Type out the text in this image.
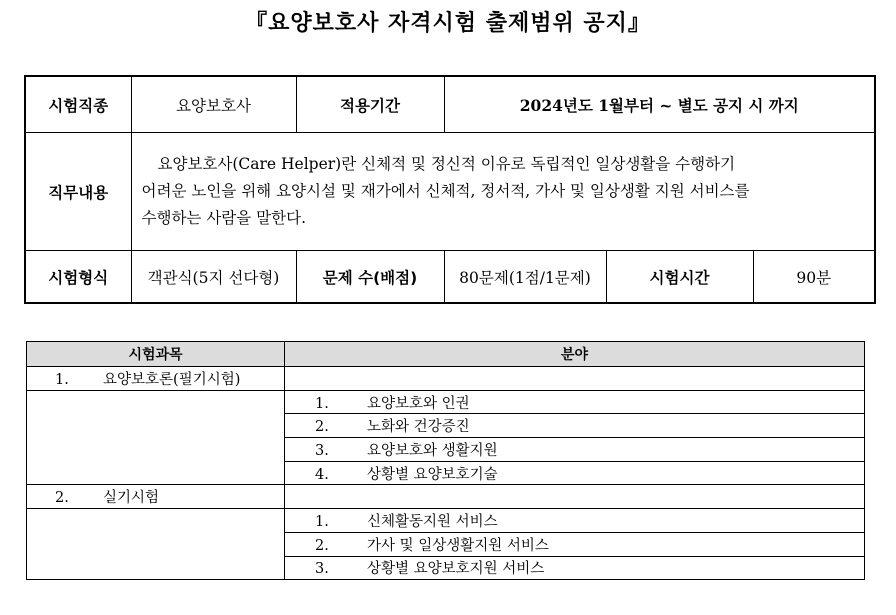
『요양보호사 자격시험 출제범위 공지』
시험직종	요양보호사	적용기간	2024년도 1월부터 ~ 별도 공지 시 까지		
직무내용	요양보호사(Care Helper)란 신체적 및 정신적 이유로 독립적인 일상생활을 수행하기
어려운 노인을 위해 요양시설 및 재가에서 신체적, 정서적, 가사 및 일상생활 지원 서비스를
수행하는 사람을 말한다.				

시험형식	객관식(5지 선다형)	문제 수(배점)	80문제(1점/1문제)	시험시간	90분
시험과목	분야
1. 요양보호론(필기시험)	
	1. 요양보호와 인권
	2. 노화와 건강증진
	3. 요양보호와 생활지원
	4. 상황별 요양보호기술
2. 실기시험	
	1. 신체활동지원 서비스
	2. 가사 및 일상생활지원 서비스
	3. 상황별 요양보호지원 서비스
